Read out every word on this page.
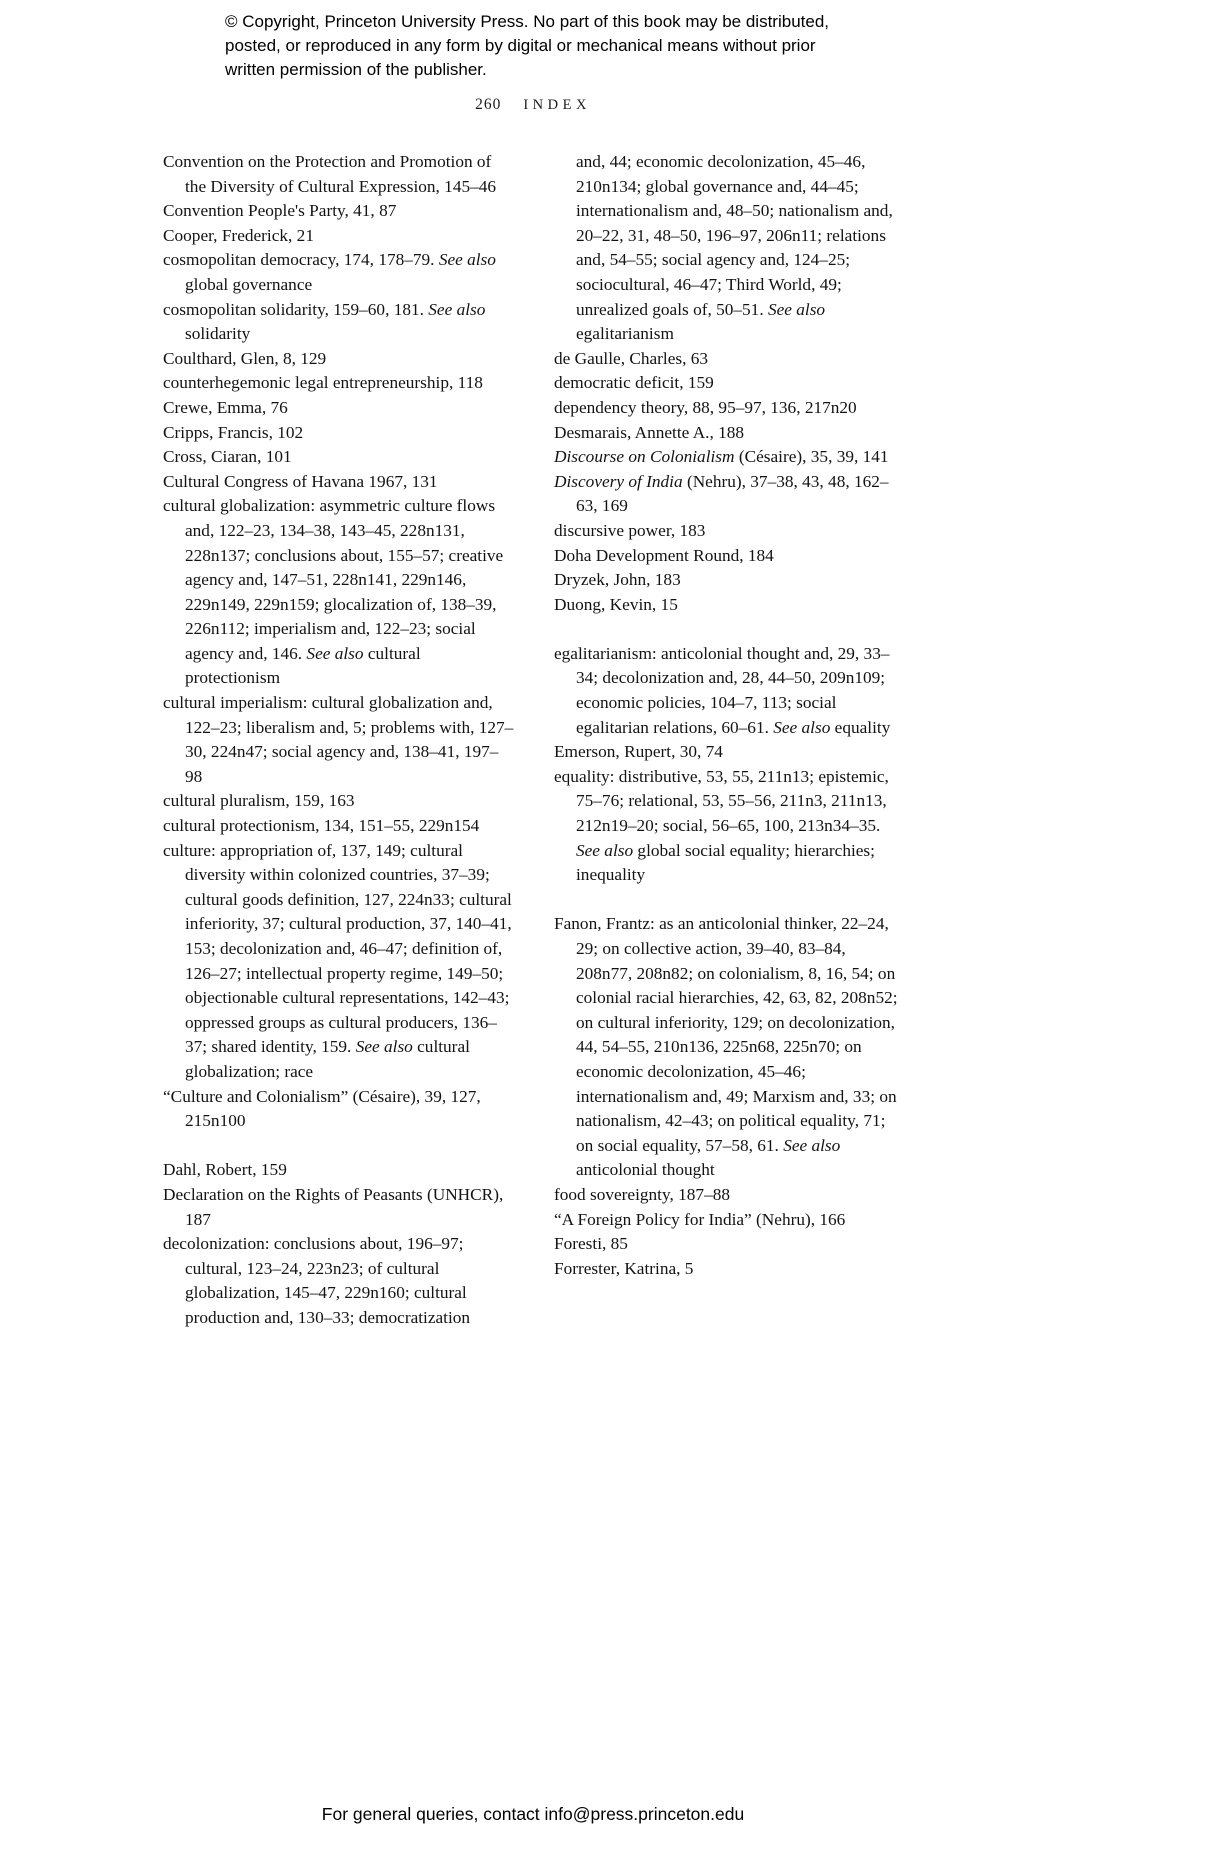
© Copyright, Princeton University Press. No part of this book may be distributed, posted, or reproduced in any form by digital or mechanical means without prior written permission of the publisher.
260 INDEX

Convention on the Protection and Promotion of the Diversity of Cultural Expression, 145–46

Convention People's Party, 41, 87

Cooper, Frederick, 21

cosmopolitan democracy, 174, 178–79. See also global governance

cosmopolitan solidarity, 159–60, 181. See also solidarity

Coulthard, Glen, 8, 129

counterhegemonic legal entrepreneurship, 118

Crewe, Emma, 76

Cripps, Francis, 102

Cross, Ciaran, 101

Cultural Congress of Havana 1967, 131

cultural globalization: asymmetric culture flows and, 122–23, 134–38, 143–45, 228n131, 228n137; conclusions about, 155–57; creative agency and, 147–51, 228n141, 229n146, 229n149, 229n159; glocalization of, 138–39, 226n112; imperialism and, 122–23; social agency and, 146. See also cultural protectionism

cultural imperialism: cultural globalization and, 122–23; liberalism and, 5; problems with, 127–30, 224n47; social agency and, 138–41, 197–98

cultural pluralism, 159, 163

cultural protectionism, 134, 151–55, 229n154

culture: appropriation of, 137, 149; cultural diversity within colonized countries, 37–39; cultural goods definition, 127, 224n33; cultural inferiority, 37; cultural production, 37, 140–41, 153; decolonization and, 46–47; definition of, 126–27; intellectual property regime, 149–50; objectionable cultural representations, 142–43; oppressed groups as cultural producers, 136–37; shared identity, 159. See also cultural globalization; race

“Culture and Colonialism” (Césaire), 39, 127, 215n100

Dahl, Robert, 159

Declaration on the Rights of Peasants (UNHCR), 187

decolonization: conclusions about, 196–97; cultural, 123–24, 223n23; of cultural globalization, 145–47, 229n160; cultural production and, 130–33; democratization

and, 44; economic decolonization, 45–46, 210n134; global governance and, 44–45; internationalism and, 48–50; nationalism and, 20–22, 31, 48–50, 196–97, 206n11; relations and, 54–55; social agency and, 124–25; sociocultural, 46–47; Third World, 49; unrealized goals of, 50–51. See also egalitarianism

de Gaulle, Charles, 63

democratic deficit, 159

dependency theory, 88, 95–97, 136, 217n20

Desmarais, Annette A., 188

Discourse on Colonialism (Césaire), 35, 39, 141

Discovery of India (Nehru), 37–38, 43, 48, 162–63, 169

discursive power, 183

Doha Development Round, 184

Dryzek, John, 183

Duong, Kevin, 15

egalitarianism: anticolonial thought and, 29, 33–34; decolonization and, 28, 44–50, 209n109; economic policies, 104–7, 113; social egalitarian relations, 60–61. See also equality

Emerson, Rupert, 30, 74

equality: distributive, 53, 55, 211n13; epistemic, 75–76; relational, 53, 55–56, 211n3, 211n13, 212n19–20; social, 56–65, 100, 213n34–35. See also global social equality; hierarchies; inequality

Fanon, Frantz: as an anticolonial thinker, 22–24, 29; on collective action, 39–40, 83–84, 208n77, 208n82; on colonialism, 8, 16, 54; on colonial racial hierarchies, 42, 63, 82, 208n52; on cultural inferiority, 129; on decolonization, 44, 54–55, 210n136, 225n68, 225n70; on economic decolonization, 45–46; internationalism and, 49; Marxism and, 33; on nationalism, 42–43; on political equality, 71; on social equality, 57–58, 61. See also anticolonial thought

food sovereignty, 187–88

“A Foreign Policy for India” (Nehru), 166

Foresti, 85

Forrester, Katrina, 5

For general queries, contact info@press.princeton.edu
